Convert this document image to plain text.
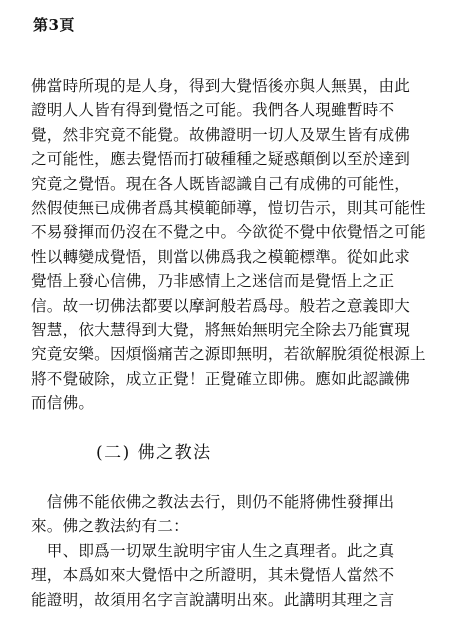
第3頁
佛當時所現的是人身，得到大覺悟後亦與人無異，由此
證明人人皆有得到覺悟之可能。我們各人現雖暫時不
覺，然非究竟不能覺。故佛證明一切人及眾生皆有成佛
之可能性，應去覺悟而打破種種之疑惑顛倒以至於達到
究竟之覺悟。現在各人既皆認識自己有成佛的可能性，
然假使無已成佛者爲其模範師導，愷切告示，則其可能性
不易發揮而仍沒在不覺之中。今欲從不覺中依覺悟之可能
性以轉變成覺悟，則當以佛爲我之模範標準。從如此求
覺悟上發心信佛，乃非感情上之迷信而是覺悟上之正
信。故一切佛法都要以摩訶般若爲母。般若之意義即大
智慧，依大慧得到大覺，將無始無明完全除去乃能實現
究竟安樂。因煩惱痛苦之源即無明，若欲解脫須從根源上
將不覺破除，成立正覺！正覺確立即佛。應如此認識佛
而信佛。
(二) 佛之教法
　信佛不能依佛之教法去行，則仍不能將佛性發揮出
來。佛之教法約有二：
　甲、即爲一切眾生說明宇宙人生之真理者。此之真
理，本爲如來大覺悟中之所證明，其未覺悟人當然不
能證明，故須用名字言說講明出來。此講明其理之言
